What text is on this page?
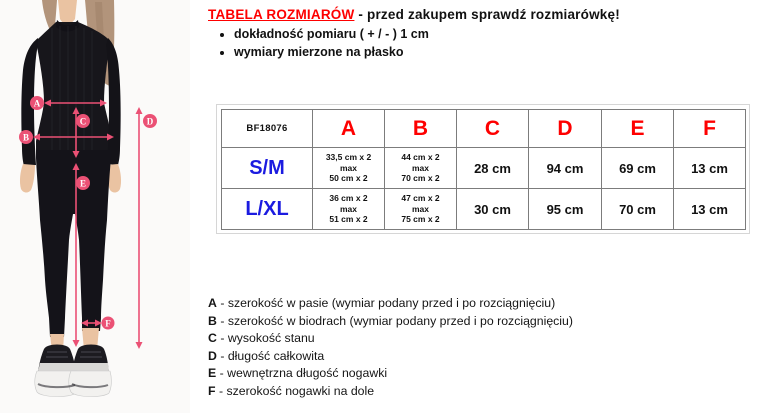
A
B
C	D
E
F
TABELA ROZMIARÓW - przed zakupem sprawdź rozmiarówkę!
• dokładność pomiaru ( + / - ) 1 cm
• wymiary mierzone na płasko
BF18076	A	B	C	D	E	F
S/M	33,5 cm x 2
max
50 cm x 2	44 cm x 2
max
70 cm x 2	28 cm	94 cm	69 cm	13 cm
L/XL	36 cm x 2
max
51 cm x 2	47 cm x 2
max
75 cm x 2	30 cm	95 cm	70 cm	13 cm
A - szerokość w pasie (wymiar podany przed i po rozciągnięciu)
B - szerokość w biodrach (wymiar podany przed i po rozciągnięciu)
C - wysokość stanu
D - długość całkowita
E - wewnętrzna długość nogawki
F - szerokość nogawki na dole
